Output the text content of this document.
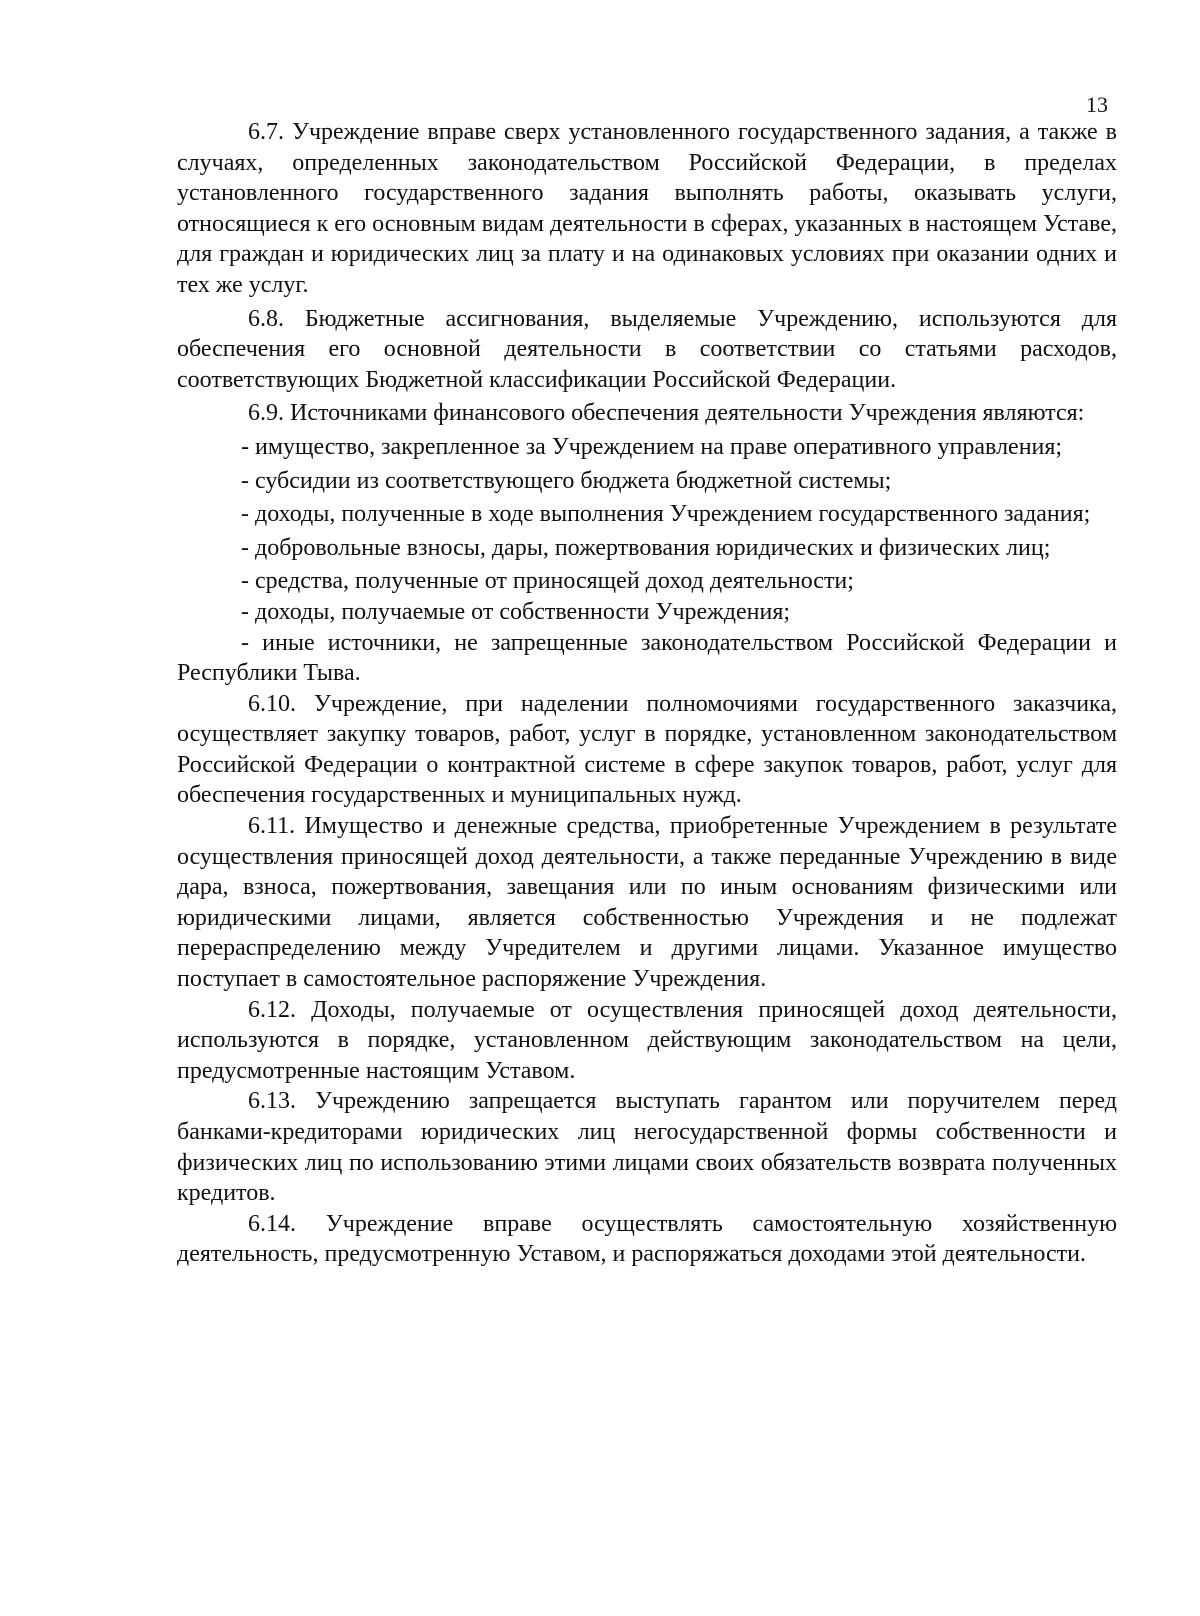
13

6.7. Учреждение вправе сверх установленного государственного задания, а также в случаях, определенных законодательством Российской Федерации, в пределах установленного государственного задания выполнять работы, оказывать услуги, относящиеся к его основным видам деятельности в сферах, указанных в настоящем Уставе, для граждан и юридических лиц за плату и на одинаковых условиях при оказании одних и тех же услуг.

6.8. Бюджетные ассигнования, выделяемые Учреждению, используются для обеспечения его основной деятельности в соответствии со статьями расходов, соответствующих Бюджетной классификации Российской Федерации.

6.9. Источниками финансового обеспечения деятельности Учреждения являются:

- имущество, закрепленное за Учреждением на праве оперативного управления;

- субсидии из соответствующего бюджета бюджетной системы;

- доходы, полученные в ходе выполнения Учреждением государственного задания;

- добровольные взносы, дары, пожертвования юридических и физических лиц;

- средства, полученные от приносящей доход деятельности;

- доходы, получаемые от собственности Учреждения;

- иные источники, не запрещенные законодательством Российской Федерации и Республики Тыва.

6.10. Учреждение, при наделении полномочиями государственного заказчика, осуществляет закупку товаров, работ, услуг в порядке, установленном законодательством Российской Федерации о контрактной системе в сфере закупок товаров, работ, услуг для обеспечения государственных и муниципальных нужд.

6.11. Имущество и денежные средства, приобретенные Учреждением в результате осуществления приносящей доход деятельности, а также переданные Учреждению в виде дара, взноса, пожертвования, завещания или по иным основаниям физическими или юридическими лицами, является собственностью Учреждения и не подлежат перераспределению между Учредителем и другими лицами. Указанное имущество поступает в самостоятельное распоряжение Учреждения.

6.12. Доходы, получаемые от осуществления приносящей доход деятельности, используются в порядке, установленном действующим законодательством на цели, предусмотренные настоящим Уставом.

6.13. Учреждению запрещается выступать гарантом или поручителем перед банками-кредиторами юридических лиц негосударственной формы собственности и физических лиц по использованию этими лицами своих обязательств возврата полученных кредитов.

6.14. Учреждение вправе осуществлять самостоятельную хозяйственную деятельность, предусмотренную Уставом, и распоряжаться доходами этой деятельности.
